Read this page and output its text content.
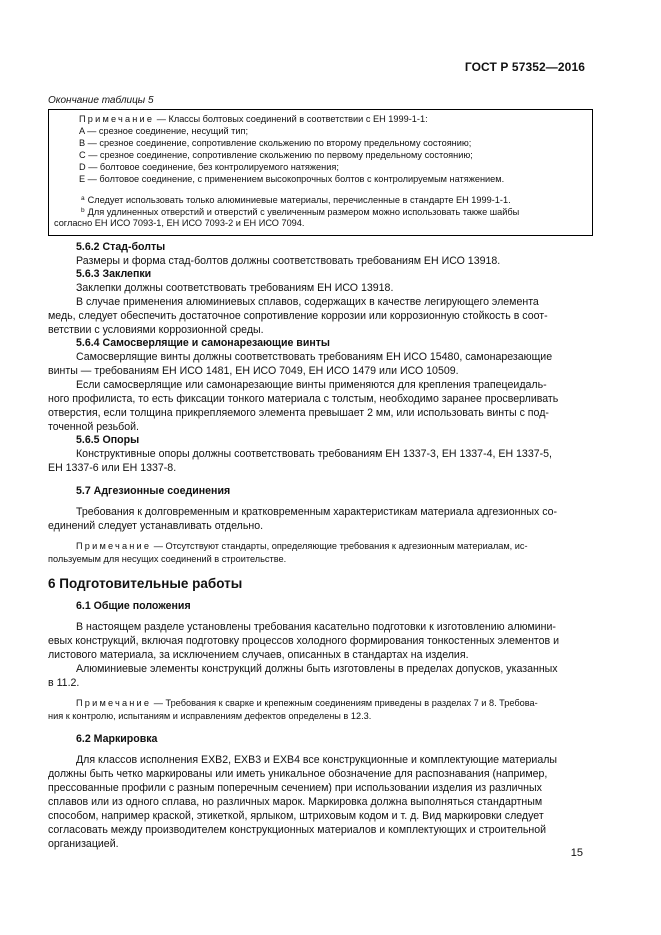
ГОСТ Р 57352—2016
Окончание таблицы 5
Примечание — Классы болтовых соединений в соответствии с ЕН 1999-1-1:
A — срезное соединение, несущий тип;
B — срезное соединение, сопротивление скольжению по второму предельному состоянию;
C — срезное соединение, сопротивление скольжению по первому предельному состоянию;
D — болтовое соединение, без контролируемого натяжения;
E — болтовое соединение, с применением высокопрочных болтов с контролируемым натяжением.
$^a$ Следует использовать только алюминиевые материалы, перечисленные в стандарте ЕН 1999-1-1.
$^b$ Для удлиненных отверстий и отверстий с увеличенным размером можно использовать также шайбы
согласно ЕН ИСО 7093-1, ЕН ИСО 7093-2 и ЕН ИСО 7094.
5.6.2 Стад-болты
Размеры и форма стад-болтов должны соответствовать требованиям ЕН ИСО 13918.
5.6.3 Заклепки
Заклепки должны соответствовать требованиям ЕН ИСО 13918.
В случае применения алюминиевых сплавов, содержащих в качестве легирующего элемента
медь, следует обеспечить достаточное сопротивление коррозии или коррозионную стойкость в соот-
ветствии с условиями коррозионной среды.
5.6.4 Самосверлящие и самонарезающие винты
Самосверлящие винты должны соответствовать требованиям ЕН ИСО 15480, самонарезающие
винты — требованиям ЕН ИСО 1481, ЕН ИСО 7049, ЕН ИСО 1479 или ИСО 10509.
Если самосверлящие или самонарезающие винты применяются для крепления трапецеидаль-
ного профилиста, то есть фиксации тонкого материала с толстым, необходимо заранее просверливать
отверстия, если толщина прикрепляемого элемента превышает 2 мм, или использовать винты с под-
точенной резьбой.
5.6.5 Опоры
Конструктивные опоры должны соответствовать требованиям ЕН 1337-3, ЕН 1337-4, ЕН 1337-5,
ЕН 1337-6 или ЕН 1337-8.
5.7 Адгезионные соединения
Требования к долговременным и кратковременным характеристикам материала адгезионных со-
единений следует устанавливать отдельно.
Примечание — Отсутствуют стандарты, определяющие требования к адгезионным материалам, ис-
пользуемым для несущих соединений в строительстве.
6 Подготовительные работы
6.1 Общие положения
В настоящем разделе установлены требования касательно подготовки к изготовлению алюмини-
евых конструкций, включая подготовку процессов холодного формирования тонкостенных элементов и
листового материала, за исключением случаев, описанных в стандартах на изделия.
Алюминиевые элементы конструкций должны быть изготовлены в пределах допусков, указанных
в 11.2.
Примечание — Требования к сварке и крепежным соединениям приведены в разделах 7 и 8. Требова-
ния к контролю, испытаниям и исправлениям дефектов определены в 12.3.
6.2 Маркировка
Для классов исполнения EXB2, EXB3 и EXB4 все конструкционные и комплектующие материалы
должны быть четко маркированы или иметь уникальное обозначение для распознавания (например,
прессованные профили с разным поперечным сечением) при использовании изделия из различных
сплавов или из одного сплава, но различных марок. Маркировка должна выполняться стандартным
способом, например краской, этикеткой, ярлыком, штриховым кодом и т. д. Вид маркировки следует
согласовать между производителем конструкционных материалов и комплектующих и строительной
организацией.
15
